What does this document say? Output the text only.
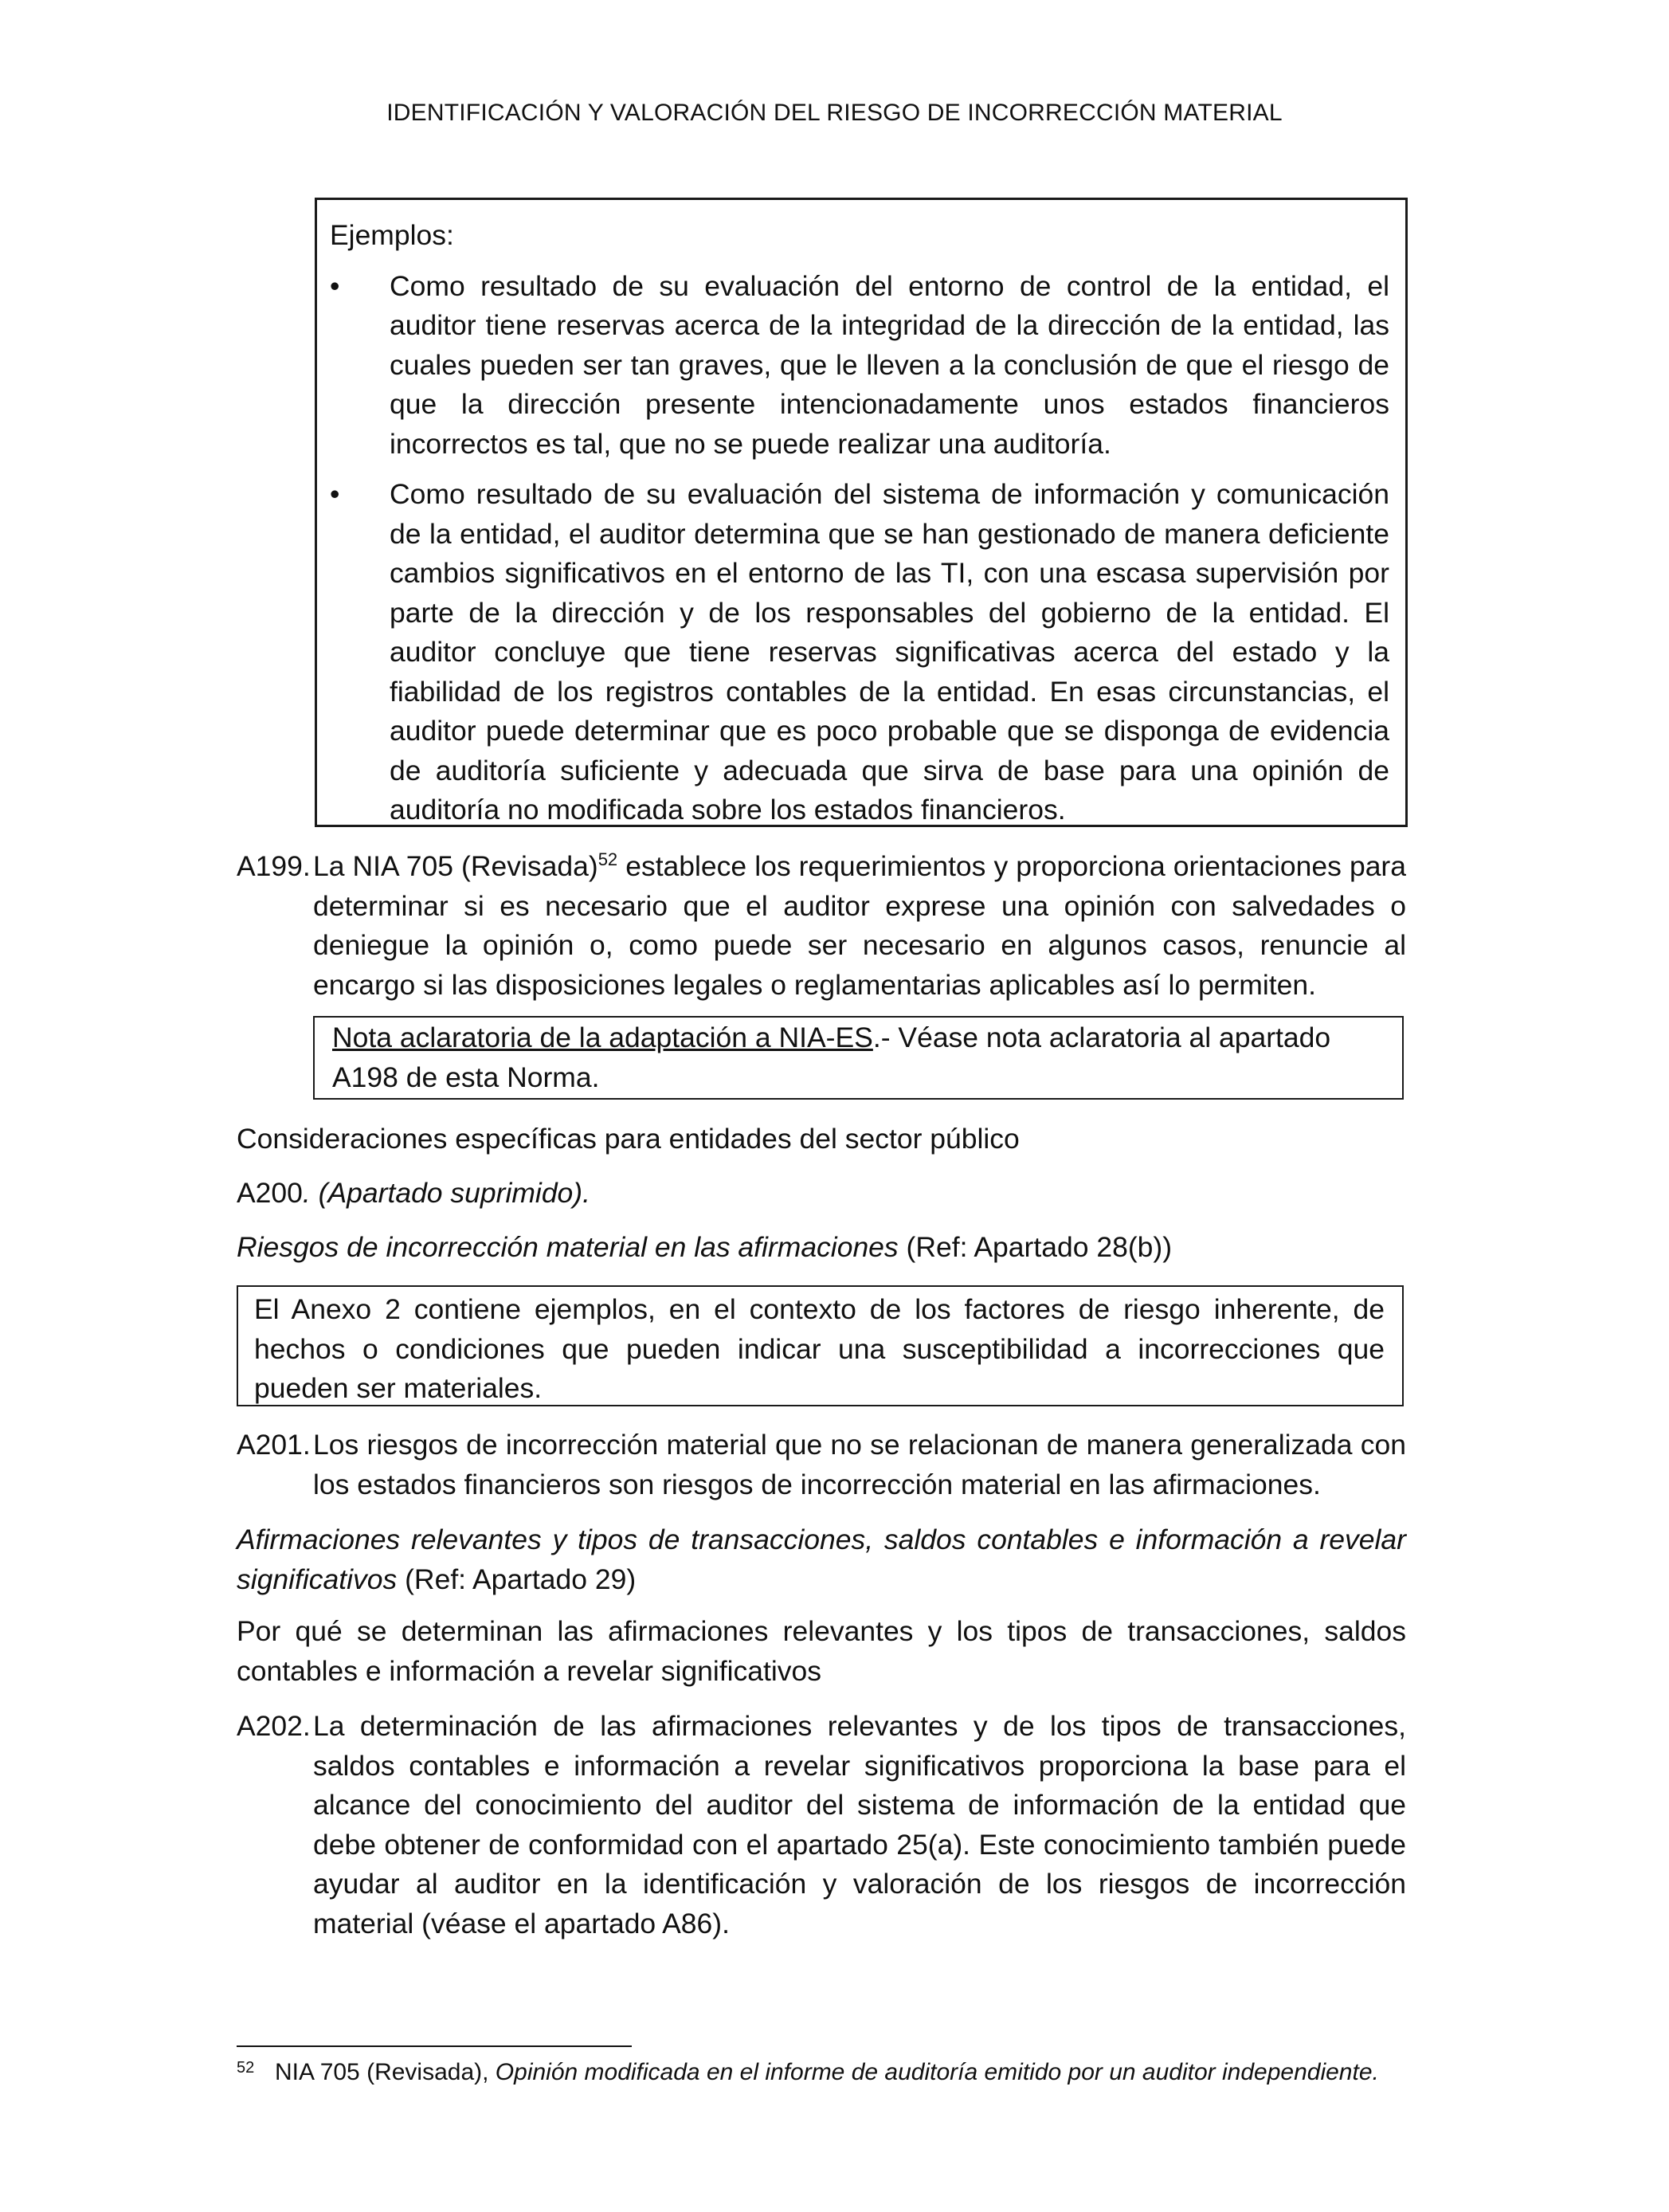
IDENTIFICACIÓN Y VALORACIÓN DEL RIESGO DE INCORRECCIÓN MATERIAL
Ejemplos:
•	Como resultado de su evaluación del entorno de control de la entidad, el auditor tiene reservas acerca de la integridad de la dirección de la entidad, las cuales pueden ser tan graves, que le lleven a la conclusión de que el riesgo de que la dirección presente intencionadamente unos estados financieros incorrectos es tal, que no se puede realizar una auditoría.
•	Como resultado de su evaluación del sistema de información y comunicación de la entidad, el auditor determina que se han gestionado de manera deficiente cambios significativos en el entorno de las TI, con una escasa supervisión por parte de la dirección y de los responsables del gobierno de la entidad. El auditor concluye que tiene reservas significativas acerca del estado y la fiabilidad de los registros contables de la entidad. En esas circunstancias, el auditor puede determinar que es poco probable que se disponga de evidencia de auditoría suficiente y adecuada que sirva de base para una opinión de auditoría no modificada sobre los estados financieros.
A199. La NIA 705 (Revisada)$^{52}$ establece los requerimientos y proporciona orientaciones para determinar si es necesario que el auditor exprese una opinión con salvedades o deniegue la opinión o, como puede ser necesario en algunos casos, renuncie al encargo si las disposiciones legales o reglamentarias aplicables así lo permiten.
Nota aclaratoria de la adaptación a NIA-ES.- Véase nota aclaratoria al apartado A198 de esta Norma.
Consideraciones específicas para entidades del sector público
A200. (Apartado suprimido).
Riesgos de incorrección material en las afirmaciones (Ref: Apartado 28(b))
El Anexo 2 contiene ejemplos, en el contexto de los factores de riesgo inherente, de hechos o condiciones que pueden indicar una susceptibilidad a incorrecciones que pueden ser materiales.
A201. Los riesgos de incorrección material que no se relacionan de manera generalizada con los estados financieros son riesgos de incorrección material en las afirmaciones.
Afirmaciones relevantes y tipos de transacciones, saldos contables e información a revelar significativos (Ref: Apartado 29)
Por qué se determinan las afirmaciones relevantes y los tipos de transacciones, saldos contables e información a revelar significativos
A202. La determinación de las afirmaciones relevantes y de los tipos de transacciones, saldos contables e información a revelar significativos proporciona la base para el alcance del conocimiento del auditor del sistema de información de la entidad que debe obtener de conformidad con el apartado 25(a). Este conocimiento también puede ayudar al auditor en la identificación y valoración de los riesgos de incorrección material (véase el apartado A86).
52 NIA 705 (Revisada), Opinión modificada en el informe de auditoría emitido por un auditor independiente.
